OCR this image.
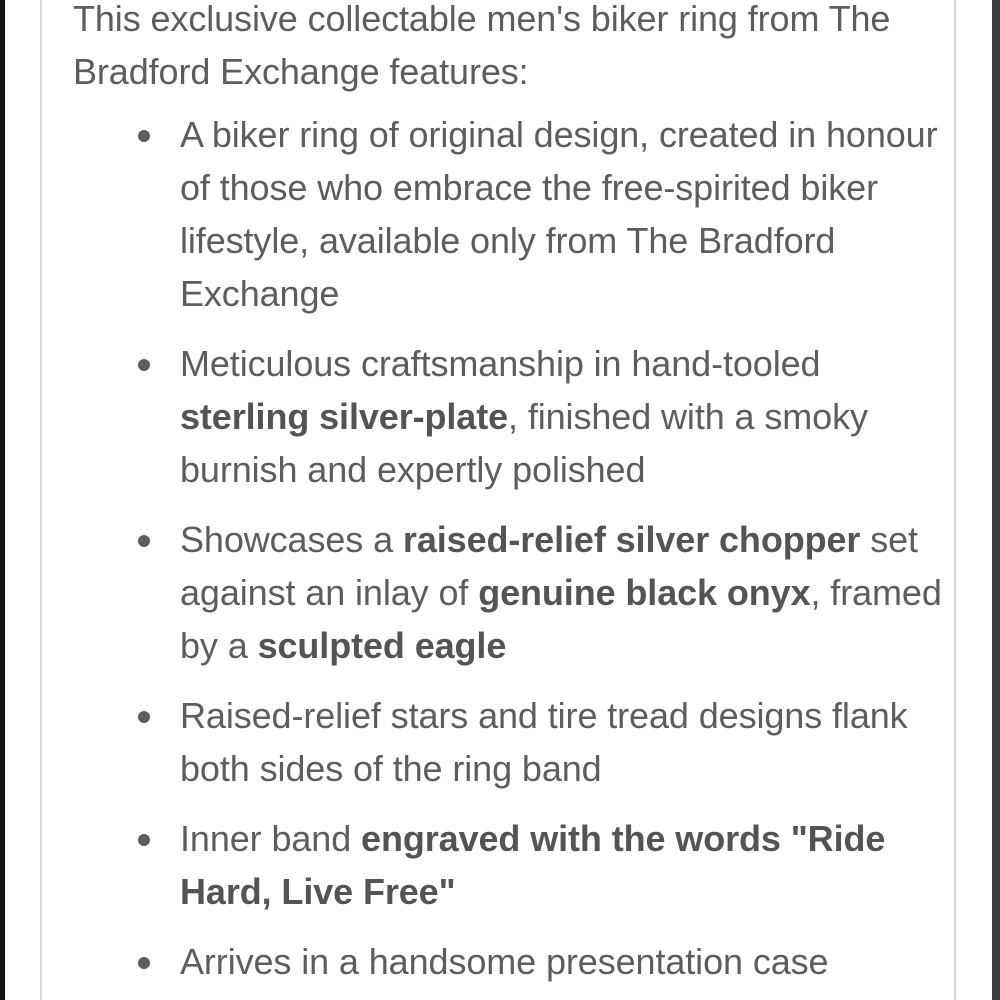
This exclusive collectable men's biker ring from The Bradford Exchange features:

A biker ring of original design, created in honour of those who embrace the free-spirited biker lifestyle, available only from The Bradford Exchange
Meticulous craftsmanship in hand-tooled sterling silver-plate, finished with a smoky burnish and expertly polished
Showcases a raised-relief silver chopper set against an inlay of genuine black onyx, framed by a sculpted eagle
Raised-relief stars and tire tread designs flank both sides of the ring band
Inner band engraved with the words "Ride Hard, Live Free"
Arrives in a handsome presentation case
